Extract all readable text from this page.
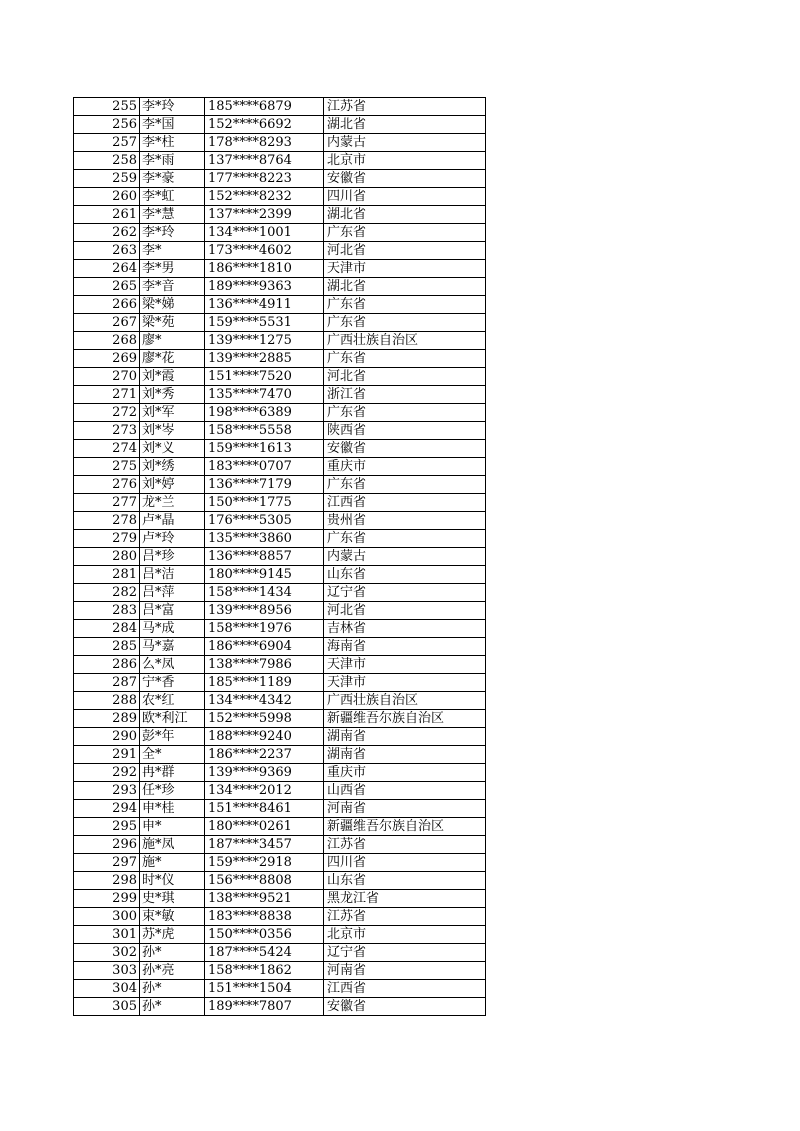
255	李*玲	185****6879	江苏省
256	李*国	152****6692	湖北省
257	李*柱	178****8293	内蒙古
258	李*雨	137****8764	北京市
259	李*豪	177****8223	安徽省
260	李*虹	152****8232	四川省
261	李*慧	137****2399	湖北省
262	李*玲	134****1001	广东省
263	李*	173****4602	河北省
264	李*男	186****1810	天津市
265	李*音	189****9363	湖北省
266	梁*娣	136****4911	广东省
267	梁*苑	159****5531	广东省
268	廖*	139****1275	广西壮族自治区
269	廖*花	139****2885	广东省
270	刘*霞	151****7520	河北省
271	刘*秀	135****7470	浙江省
272	刘*军	198****6389	广东省
273	刘*岑	158****5558	陕西省
274	刘*义	159****1613	安徽省
275	刘*绣	183****0707	重庆市
276	刘*婷	136****7179	广东省
277	龙*兰	150****1775	江西省
278	卢*晶	176****5305	贵州省
279	卢*玲	135****3860	广东省
280	吕*珍	136****8857	内蒙古
281	吕*洁	180****9145	山东省
282	吕*萍	158****1434	辽宁省
283	吕*富	139****8956	河北省
284	马*成	158****1976	吉林省
285	马*嘉	186****6904	海南省
286	么*凤	138****7986	天津市
287	宁*香	185****1189	天津市
288	农*红	134****4342	广西壮族自治区
289	欧*利江	152****5998	新疆维吾尔族自治区
290	彭*年	188****9240	湖南省
291	全*	186****2237	湖南省
292	冉*群	139****9369	重庆市
293	任*珍	134****2012	山西省
294	申*桂	151****8461	河南省
295	申*	180****0261	新疆维吾尔族自治区
296	施*凤	187****3457	江苏省
297	施*	159****2918	四川省
298	时*仪	156****8808	山东省
299	史*琪	138****9521	黑龙江省
300	束*敏	183****8838	江苏省
301	苏*虎	150****0356	北京市
302	孙*	187****5424	辽宁省
303	孙*亮	158****1862	河南省
304	孙*	151****1504	江西省
305	孙*	189****7807	安徽省
